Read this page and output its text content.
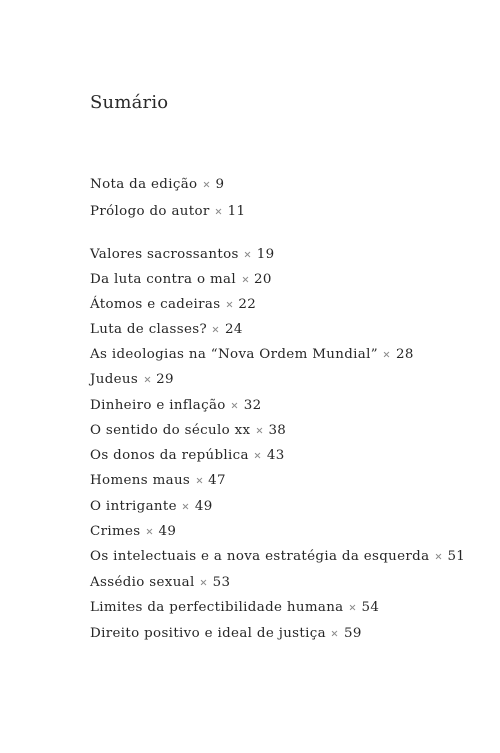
Sumário
Nota da edição 9
Prólogo do autor 11
Valores sacrossantos 19
Da luta contra o mal 20
Átomos e cadeiras 22
Luta de classes? 24
As ideologias na “Nova Ordem Mundial” 28
Judeus 29
Dinheiro e inflação 32
O sentido do século xx 38
Os donos da república 43
Homens maus 47
O intrigante 49
Crimes 49
Os intelectuais e a nova estratégia da esquerda 51
Assédio sexual 53
Limites da perfectibilidade humana 54
Direito positivo e ideal de justiça 59
